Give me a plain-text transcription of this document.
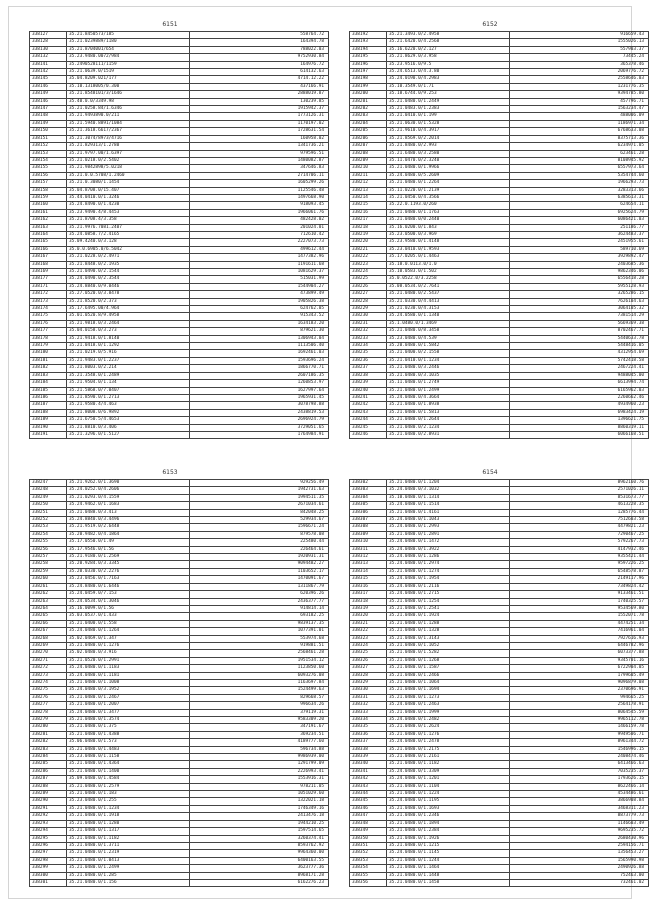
6151
338127	35.21.8450573/185	558764.72
338128	35.21.0239889/1180	164394.78
338130	35.21.8704001/654	788022.03
338132	35.23.9480.0072/984	9752930.84
338141	35.2490528111/1159	164976.72
338142	35.21.0639.0/1519	614132.63
338145	35.04.8209.021/177	4714.12.22
338146	35.10.1318005/0.300	437166.91
338149	35.21.8548101/3/1646	2888019.87
338146	35.40.0.0/3349.98	130239.85
338147	35.21.0258.84/1.6346	1915942.37
338148	35.21.9493890.0/211	1773126.31
338149	35.21.5940.8891/1084	1170197.02
338150	35.21.3618.6617/2367	1728631.54
338151	35.21.3074/8973/4716	160958.02
338152	35.21.829313/1.2780	1341736.21
338153	35.21.9797.00/1.6397	979596.51
338154	35.21.0218.0/2.5402	1480082.87
338155	35.21.9842898/5.0218	347646.83
338156	35.21.0.0.5708/1.2460	2714706.11
338157	35.21.0.3080/1.1454	1605299.26
338158	35.04.8708.0/15.407	1125546.48
338159	35.44.0410.0/1.3246	1497668.90
338160	35.24.8490.0/1.4230	918093.45
338161	35.23.9490.4/8.4453	1966061.76
338162	35.21.8708.4/3.358	482428.02
338163	35.21.9976.7081.2407	201024.01
338164	35.24.0858.7/2.4165	712610.42
338165	35.09.4240.0/3.128	2227073.73
338166	35.0.0.6905.0/6.5042	499612.44
338167	35.21.0228.0/2.4971	1477382.96
338168	35.21.8448.0/2.1935	1191611.68
338169	35.21.0490.0/2.1544	1081629.37
338177	35.24.0490.0/2.3544	515031.99
338171	35.24.8840.0/9.0446	1544904.27
338172	35.27.0520.0/3.8478	473899.49
338173	35.21.8520.0/2.373	1905826.38
338174	35.17.6495.00/4.964	624762.05
338175	35.01.0520.8/9.4958	915343.52
338176	35.21.9818.0/3.2464	1634183.20
338177	35.04.0158.0/3.273	879621.30
338178	35.21.9418.0/1.8140	1306943.04
338179	35.21.0418.0/1.1292	1113506.40
338180	35.21.0219.0/5.916	1692461.03
338181	35.21.9483.0/1.2237	1593696.24
338182	35.21.8003.0/2.214	1866770.71
338183	35.21.3548.0/1.2489	2607186.35
338184	35.21.9504.0/1.134	1260853.97
338185	35.21.5868.0/7.0407	1627997.64
338186	35.21.8590.0/1.2713	1965931.45
338187	35.21.9580.4/4.463	3078798.88
338188	35.21.8008.0/6.9892	2438819.53
338189	35.21.6750.5/4.4653	2696924.79
338190	35.21.8810.0/3.406	3729051.65
338191	35.21.3296.0/1.5127	1764984.91
6152
338192	35.21.3493.0/2.4958	916659.43
338193	35.21.6420.0/4.2568	1555026.13
338194	35.16.6220.0/2.127	557903.37
338195	35.21.8629.0/3.958	73445.24
338196	35.23.9516.0/9.5	365378.46
338197	35.24.6513.0/4.3.80	2069776.72
338198	35.24.0190.0/4.2983	2558646.03
338199	35.10.3549.0/1.71	1231776.35
338200	35.18.6744.0/9.253	9394785.80
338201	35.21.0480.0/1.2449	457796.71
338202	35.21.0483.0/1.2383	1563234.47
338203	35.21.0410.0/1.199	488006.09
338204	35.21.0630.0/1.5328	1186971.34
338205	35.21.9610.0/4.3917	6768633.08
338206	35.21.8569.0/2.2014	8375713.36
338207	35.21.8480.0/2.993	6234971.05
338208	35.21.6480.0/3.2580	623461.28
338209	35.11.0470.0/2.3240	8108945.92
338210	35.21.0480.0/1.9966	6557973.64
338211	35.24.0480.0/5.2609	5354744.60
338212	35.21.0480.0/1.2264	1966293.73
338213	35.11.0220.0/1.2139	3283313.66
338214	35.21.0450.0/4.3566	6385613.31
338215	35.22.0.1193.0/260	624654.11
338216	35.21.0480.0/1.1763	6925624.79
338217	35.21.0480.0/0.2440	6086421.03
338218	35.16.0200.0/1.843	251186.77
338219	35.23.0500.0/3.969	3624483.37
338220	35.23.9580.0/1.4148	2451955.61
338221	35.23.0410.0/1.9593	589710.69
338222	35.17.0205.0/1.4463	3929892.47
338223	35.18.0.0113.0/1.0	2403685.36
338224	35.10.0583.0/1.502	9862346.06
338225	35.0.0522.0/3.2258	6556418.28
338226	35.08.0534.0/2.7641	5955128.93
338227	35.21.0480.0/2.5437	3265286.15
338228	35.21.0330.0/4.4413	7626104.63
338229	35.21.0230.0/4.3153	3064105.32
338230	35.24.0580.0/1.1340	7381514.29
338231	35.1.0480.0/1.3469	5669369.38
338232	35.21.0480.0/8.3458	8702467.71
338233	35.23.0480.0/4.539	5440633.78
338234	35.20.0480.0/1.5842	5448416.05
338235	35.21.0400.0/2.1558	4312954.69
338236	35.21.0410.0/1.1234	5742418.58
338237	35.21.0480.0/3.2446	2467224.41
338238	35.21.0480.0/3.1035	9488045.00
338239	35.11.0480.0/1.2749	6613994.74
338240	35.21.0480.0/1.2499	6165962.03
338241	35.24.0480.0/4.3664	2260662.46
338242	35.21.0480.0/1.8938	4934960.23
338243	35.21.0480.0/1.5813	6983424.19
338244	35.21.0480.0/1.2644	1396621.75
338245	35.21.0480.0/2.1234	8860319.11
338246	35.21.0480.0/2.8931	6066168.51
6153
338247	35.21.9262.0/1.3690	929256.49
338248	35.24.0252.0/4.2606	1942731.63
338249	35.21.0293.0/4.1559	1994511.35
338250	35.24.9462.0/1.1683	2671034.61
338251	35.21.0488.0/3.413	842048.25
338252	35.24.8840.0/3.4496	529934.67
338253	35.21.9519.0/2.6448	1596671.24
338254	35.20.9482.0/4.1864	879578.08
338255	35.17.0550.0/1.49	225480.44
338256	35.17.9546.0/1.56	226464.61
338257	35.21.9180.0/1.2569	1920931.31
338258	35.20.9284.0/3.3345	9094482.27
338259	35.20.0330.0/2.2276	1103652.17
338260	35.23.0456.0/1.7163	1470091.67
338261	35.24.8480.0/1.6446	1311867.79
338262	35.24.0459.0/7.153	620396.26
338263	35.24.0534.0/1.3046	2436377.77
338264	35.16.0099.0/1.56	914814.14
338265	35.03.0537.0/1.433	693182.25
338266	35.21.0400.0/1.558	9839137.35
338267	35.24.0480.0/1.1264	1077391.01
338268	35.02.0469.0/1.347	553974.68
338269	35.21.0480.0/1.1276	919881.51
338270	35.02.0480.0/3.916	2568461.28
338271	35.21.0520.0/1.2991	1951534.12
338272	35.24.0480.0/1.1183	1123850.60
338273	35.24.0480.0/1.1181	6093276.08
338274	35.21.0480.0/1.1008	1163697.84
338275	35.24.0480.0/3.1952	1524499.63
338276	35.21.0480.0/1.2467	829668.57
338277	35.21.0480.0/1.2007	996634.26
338278	35.24.0480.0/1.3477	379119.31
338279	35.21.0480.0/1.3574	9583309.20
338280	35.21.0480.0/1.375	347191.67
338281	35.21.0480.0/1.4388	369234.51
338282	35.06.0480.0/1.573	4189777.60
338283	35.21.0480.0/1.4483	596734.88
338284	35.23.0480.0/1.1158	9986939.00
338285	35.21.0480.0/1.4364	1291799.09
338286	35.21.0480.0/1.1400	2226993.41
338287	35.09.0480.0/1.4584	1553916.31
338288	35.21.0480.0/1.2579	978211.05
338289	35.21.0480.0/1.183	1051029.60
338290	35.23.0480.0/1.255	1322021.18
338291	35.21.0480.0/1.1234	1746349.16
338292	35.21.0480.0/1.1918	2413476.18
338293	35.21.0480.0/1.1280	1944210.25
338294	35.21.0480.0/1.1317	1597514.65
338295	35.21.0480.0/1.1182	3260374.41
338296	35.21.0480.0/1.3711	8593762.92
338297	35.21.0480.0/1.2319	9964360.00
338298	35.21.0480.0/1.0413	6400163.55
338299	35.21.0480.0/1.2499	3623777.36
338300	35.21.0480.0/1.285	8968171.28
338301	35.21.0480.0/1.156	6162276.23
6154
338302	35.21.0480.0/1.1204	8962160.76
338303	35.24.0480.0/3.1032	2571026.11
338304	35.10.0480.0/1.1314	8531673.77
338305	35.24.0480.0/1.1514	4613228.35
338306	35.21.0480.0/1.4161	1285776.44
338307	35.24.0480.0/1.1043	7512603.58
338308	35.24.0480.0/1.2993	4479821.23
338309	35.21.0480.0/1.2891	7290467.25
338310	35.24.0480.0/1.1472	5792267.73
338311	35.24.0480.0/1.3922	4147932.46
338312	35.24.0480.0/1.1286	9355421.44
338313	35.24.0480.0/1.2974	9597226.25
338314	35.21.0480.0/1.1274	6548578.87
338315	35.24.0480.0/1.1954	2149117.96
338316	35.24.0480.0/1.2116	7349824.42
338317	35.24.0480.0/1.2715	9133461.51
338318	35.21.0480.0/1.1254	1740325.57
338319	35.21.0480.0/1.2541	9534569.80
338320	35.21.0480.0/1.1924	1552071.78
338321	35.21.0480.0/1.1288	4474251.34
338322	35.21.0480.0/1.1328	7416961.04
338323	35.21.0480.0/1.3143	7927616.93
338324	35.21.0480.0/1.1052	6446782.96
338325	35.21.0480.0/1.5282	6073377.88
338326	35.21.0480.0/1.1268	9345701.16
338327	35.21.0480.0/1.1587	6722904.05
338328	35.21.0480.0/1.2466	1799605.49
338329	35.21.0480.0/1.1064	9096879.08
338330	35.21.0480.0/1.1694	2370696.91
338331	35.21.0480.0/1.1273	994665.25
338332	35.24.0480.0/1.2463	2564178.91
338333	35.21.0480.0/1.1999	8064545.59
338334	35.24.0480.0/1.2482	9965112.78
338335	35.21.0480.0/1.2624	1466159.78
338336	35.21.0480.0/1.1276	9949506.71
338337	35.24.0480.0/1.2478	8961344.72
338338	35.21.0480.0/1.2175	1546996.15
338339	35.21.0480.0/1.2161	2408474.46
338340	35.21.0480.0/1.1182	6413466.63
338341	35.24.0480.0/1.3309	7035235.37
338342	35.24.0480.0/1.1201	1793626.15
338343	35.21.0480.0/1.1104	8622466.14
338344	35.21.0480.0/1.1224	4534486.61
338345	35.24.0480.0/1.1195	3866908.84
338346	35.21.0480.0/1.1693	3468311.23
338347	35.21.0480.0/1.2346	8873779.73
338348	35.21.0480.0/1.1894	1146603.49
338349	35.21.0480.0/1.2384	9695235.72
338350	35.21.0480.0/1.1926	2680430.96
338351	35.21.0480.0/1.1215	2594156.71
338352	35.24.0480.0/1.1145	1356453.27
338353	35.21.0480.0/1.1244	1565990.98
338354	35.21.0480.0/1.1464	2490926.88
338355	35.21.0480.0/1.1448	752463.00
338356	35.21.0480.0/1.1458	732461.02
